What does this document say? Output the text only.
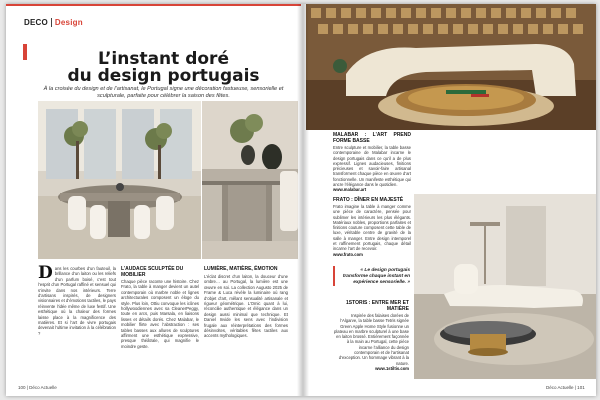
DECO Design
L’instant doré
du design portugais
À la croisée du design et de l’artisanat, le Portugal signe une décoration fastueuse, sensorielle et sculpturale, parfaite pour célébrer la saison des fêtes.
D ans les courbes d’un fauteuil, la brillance d’un laiton ou les reliefs d’un parfum boisé, c’est tout l’esprit d’un Portugal raffiné et sensuel qui s’invite dans nos intérieurs. Terre d’artisans inspirés, de designers visionnaires et d’émotions tactiles, le pays réinvente l’idée même de luxe festif. Une esthétique où la chaleur des formes laisse place à la magnificence des matières. Et si l’art de vivre portugais devenait l’ultime invitation à la célébration ?
L’AUDACE SCULPTÉE DU MOBILIER
Chaque pièce raconte une histoire. Chez Frato, la table à manger devient un autel contemporain où marbre noble et lignes architecturales composent un éloge du style. Plus loin, Ottiu convoque les icônes hollywoodiennes avec sa CleanerPeggy, toute en arcs, puis Marsala, en liaisons lisses et détails dorés. Chez Malabar, le mobilier flirte avec l’abstraction : ses tables basses aux allures de sculptures affirment une esthétique expressive, presque théâtrale, qui magnifie le moindre geste.
LUMIÈRE, MATIÈRE, ÉMOTION
L’éclat discret d’un laiton, la douceur d’une ombre… au Portugal, la lumière est une œuvre en soi. La collection Augusto 2025 de Frame & Luca révèle la luminaire où rang d’objet d’art, mêlant sensualité artisanale et rigueur géométrique. L’Omic quant à lui, réconcilie authentique et élégance dans un design aussi minimal que technique. Et Daniel Invide les sens avec l’indivision frugale aux réinterprétations des formes désinvoltes, véritables fêtes tactiles aux accents mythologiques.
100 | Déco Actuelle
MALABAR : L’ART PREND FORME BASSE
Entre sculpture et mobilier, la table basse contemporaine de Malabar incarne le design portugais dans ce qu’il a de plus expressif. Lignes audacieuses, finitions précieuses et savoir-faire artisanal transforment chaque pièce en œuvre d’art fonctionnelle. Un manifeste esthétique qui ancre l’élégance dans le quotidien.
www.malabar.art
FRATO : DÎNER EN MAJESTÉ
Frato imagine la table à manger comme une pièce de caractère, pensée pour sublimer les intérieurs les plus élégants. Matériaux nobles, proportions parfaites et finitions couture composent cette table de luxe, véritable centre de gravité de la salle à manger. Entre design intemporel et raffinement portugais, chaque détail incarne l’art de recevoir.
www.frato.com
« Le design portugais transforme chaque instant en expérience sensorielle. »
1STORIS : ENTRE MER ET MATIÈRE
Inspirée des falaises dorées de l’Algarve, la table basse Tetris signée Green Apple Home Style fusionne un plateau en marbre sculpturel à une base en laiton brossé. Entièrement façonnée à la main au Portugal, cette pièce incarne l’alliance du design contemporain et de l’artisanat d’exception. Un hommage vibrant à la nature.
www.1stiltis.com
Déco Actuelle | 101
